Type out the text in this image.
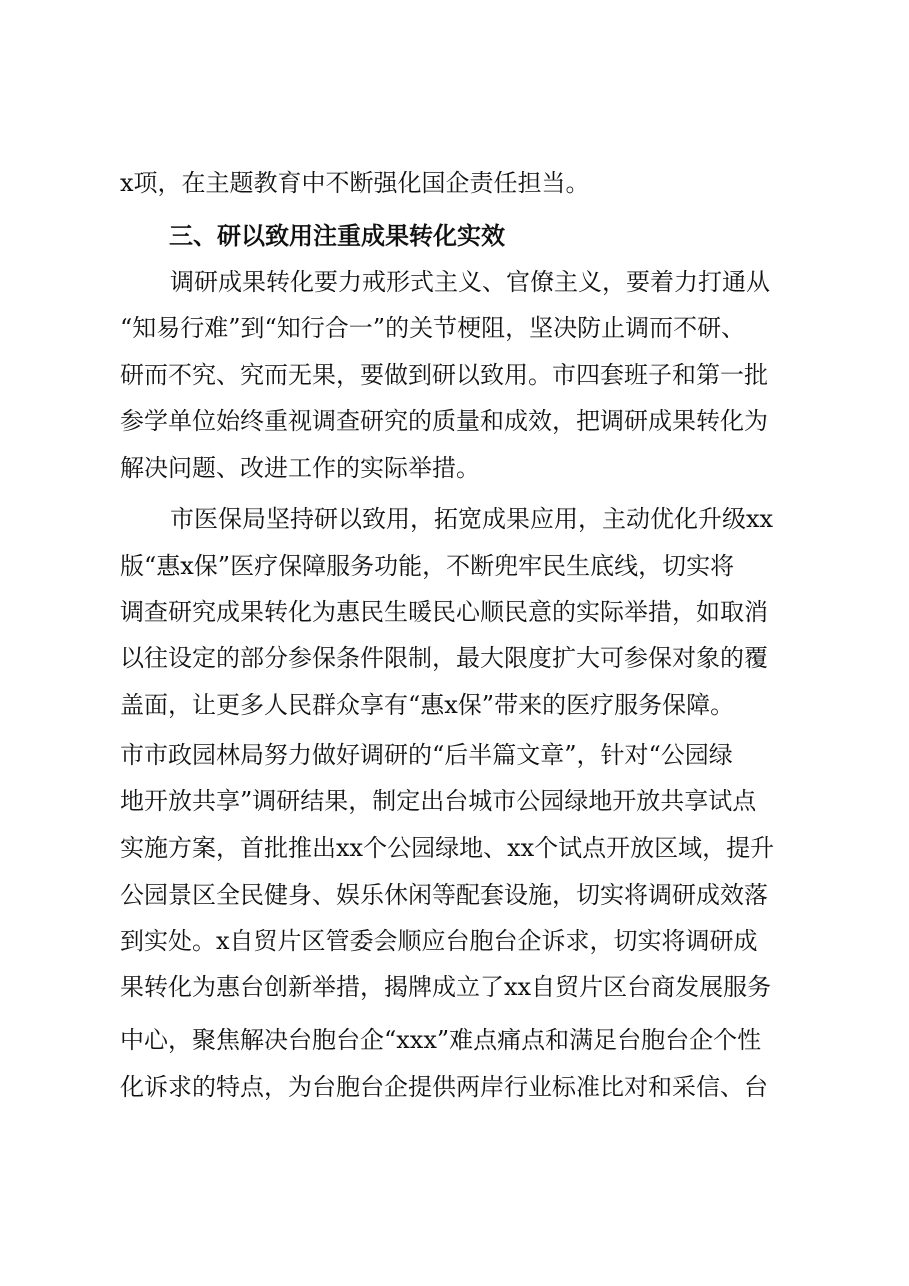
x项，在主题教育中不断强化国企责任担当。
三、研以致用注重成果转化实效
调研成果转化要力戒形式主义、官僚主义，要着力打通从
“知易行难”到“知行合一”的关节梗阻，坚决防止调而不研、
研而不究、究而无果，要做到研以致用。市四套班子和第一批
参学单位始终重视调查研究的质量和成效，把调研成果转化为
解决问题、改进工作的实际举措。
市医保局坚持研以致用，拓宽成果应用，主动优化升级xx
版“惠x保”医疗保障服务功能，不断兜牢民生底线，切实将
调查研究成果转化为惠民生暖民心顺民意的实际举措，如取消
以往设定的部分参保条件限制，最大限度扩大可参保对象的覆
盖面，让更多人民群众享有“惠x保”带来的医疗服务保障。
市市政园林局努力做好调研的“后半篇文章”，针对“公园绿
地开放共享”调研结果，制定出台城市公园绿地开放共享试点
实施方案，首批推出xx个公园绿地、xx个试点开放区域，提升
公园景区全民健身、娱乐休闲等配套设施，切实将调研成效落
到实处。x自贸片区管委会顺应台胞台企诉求，切实将调研成
果转化为惠台创新举措，揭牌成立了xx自贸片区台商发展服务
中心，聚焦解决台胞台企“xxx”难点痛点和满足台胞台企个性
化诉求的特点，为台胞台企提供两岸行业标准比对和采信、台
